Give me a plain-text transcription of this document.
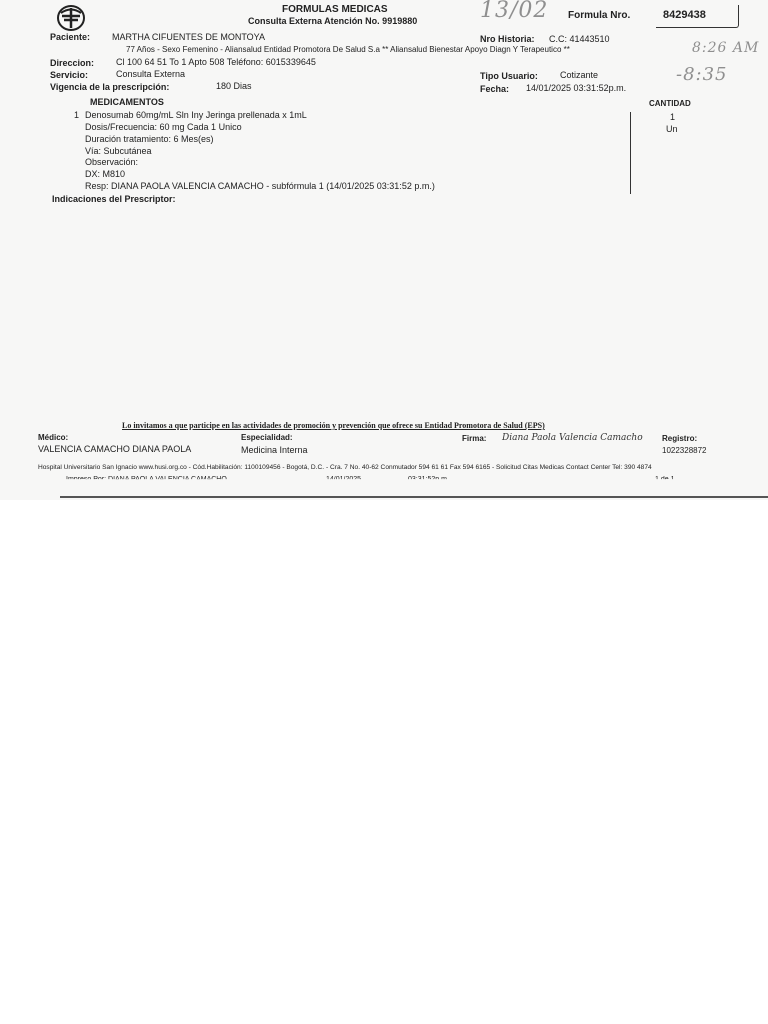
FORMULAS MEDICAS
Consulta Externa Atención No. 9919880	13/02 Formula Nro.	8429438
8:26 AM
-8:35
Paciente: MARTHA CIFUENTES DE MONTOYA	Nro Historia: C.C: 41443510
77 Años - Sexo Femenino - Aliansalud Entidad Promotora De Salud S.a ** Aliansalud Bienestar Apoyo Diagn Y Terapeutico **
Direccion: Cl 100 64 51 To 1 Apto 508 Teléfono: 6015339645
Servicio:	Consulta Externa	Tipo Usuario: Cotizante
Vigencia de la prescripción:	180 Dias	Fecha: 14/01/2025 03:31:52p.m.
MEDICAMENTOS	CANTIDAD
1 Denosumab 60mg/mL Sln Iny Jeringa prellenada x 1mL
Dosis/Frecuencia: 60 mg Cada 1 Unico
Duración tratamiento: 6 Mes(es)
Vía: Subcutánea
Observación:
DX: M810
Resp: DIANA PAOLA VALENCIA CAMACHO - subfórmula 1 (14/01/2025 03:31:52 p.m.)
1
Un
Indicaciones del Prescriptor:
Lo invitamos a que participe en las actividades de promoción y prevención que ofrece su Entidad Promotora de Salud (EPS)
Médico:
VALENCIA CAMACHO DIANA PAOLA
Especialidad:
Medicina Interna
Firma: Diana Paola Valencia Camacho Registro:
1022328872
Hospital Universitario San Ignacio www.husi.org.co - Cód.Habilitación: 1100109456 - Bogotá, D.C. - Cra. 7 No. 40-62 Conmutador 594 61 61 Fax 594 6165 - Solicitud Citas Medicas Contact Center Tel: 390 4874
